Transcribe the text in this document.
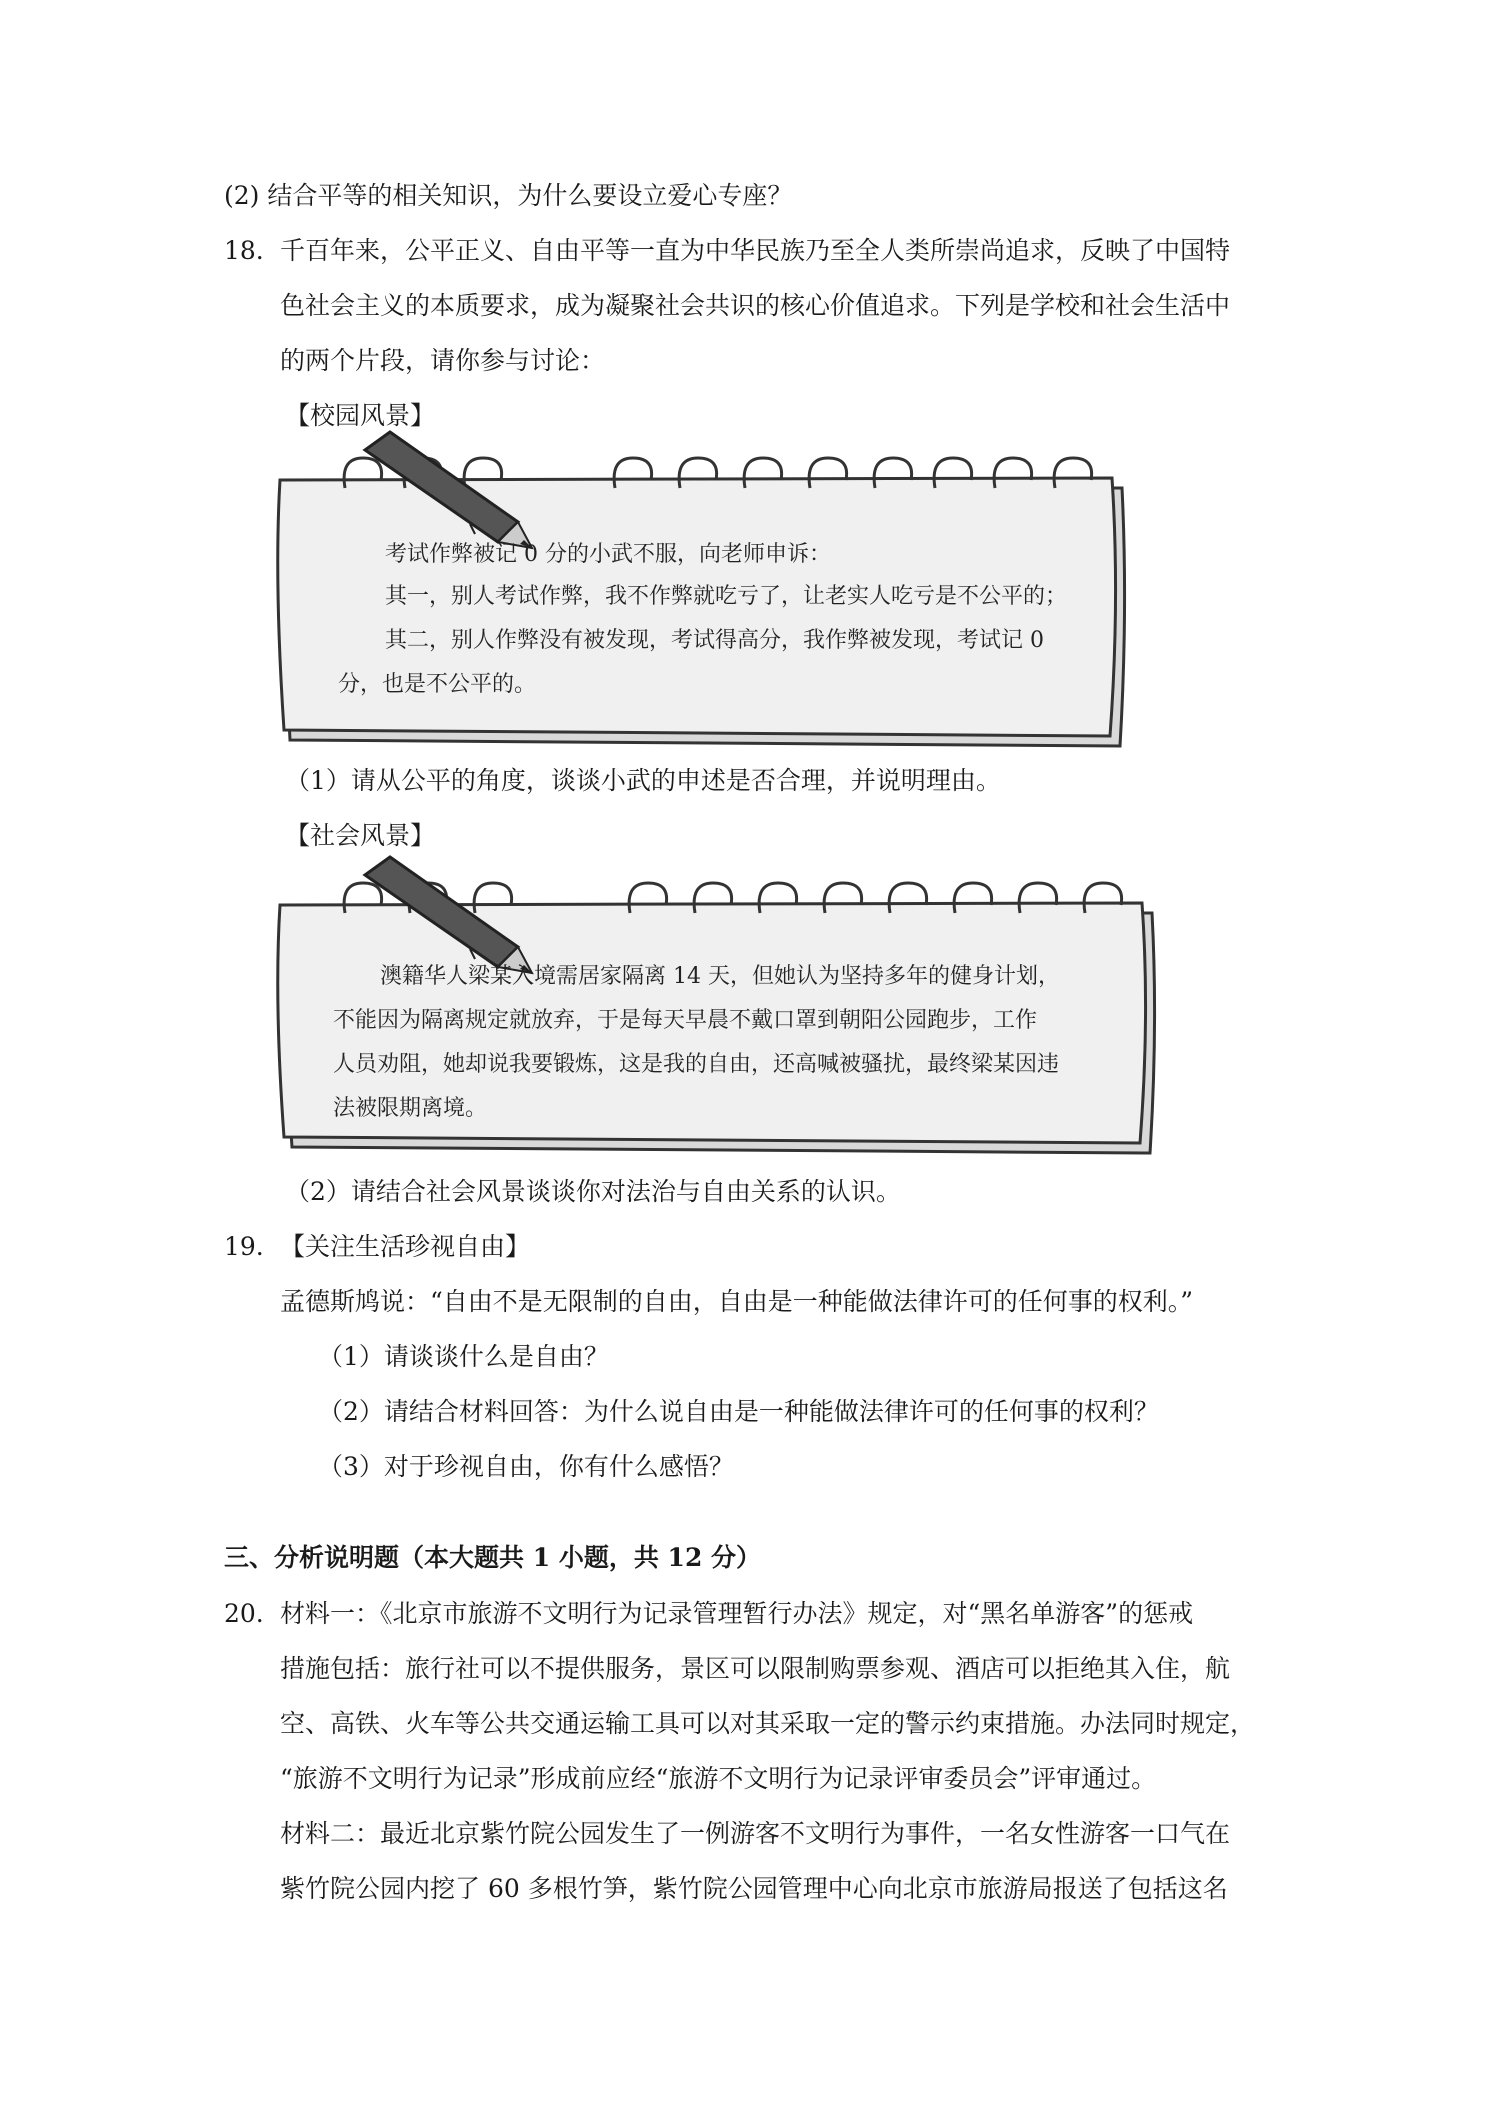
(2) 结合平等的相关知识，为什么要设立爱心专座？
18. 千百年来，公平正义、自由平等一直为中华民族乃至全人类所崇尚追求，反映了中国特
色社会主义的本质要求，成为凝聚社会共识的核心价值追求。下列是学校和社会生活中
的两个片段，请你参与讨论：
【校园风景】
考试作弊被记 0 分的小武不服，向老师申诉：
其一，别人考试作弊，我不作弊就吃亏了，让老实人吃亏是不公平的；
其二，别人作弊没有被发现，考试得高分，我作弊被发现，考试记 0
分，也是不公平的。
（1）请从公平的角度，谈谈小武的申述是否合理，并说明理由。
【社会风景】
澳籍华人梁某入境需居家隔离 14 天，但她认为坚持多年的健身计划，
不能因为隔离规定就放弃，于是每天早晨不戴口罩到朝阳公园跑步，工作
人员劝阻，她却说我要锻炼，这是我的自由，还高喊被骚扰，最终梁某因违
法被限期离境。
（2）请结合社会风景谈谈你对法治与自由关系的认识。
19. 【关注生活珍视自由】
孟德斯鸠说：“自由不是无限制的自由，自由是一种能做法律许可的任何事的权利。”
（1）请谈谈什么是自由？
（2）请结合材料回答：为什么说自由是一种能做法律许可的任何事的权利？
（3）对于珍视自由，你有什么感悟？
三、分析说明题（本大题共 1 小题，共 12 分）
20. 材料一：《北京市旅游不文明行为记录管理暂行办法》规定，对“黑名单游客”的惩戒
措施包括：旅行社可以不提供服务，景区可以限制购票参观、酒店可以拒绝其入住，航
空、高铁、火车等公共交通运输工具可以对其采取一定的警示约束措施。办法同时规定，
“旅游不文明行为记录”形成前应经“旅游不文明行为记录评审委员会”评审通过。
材料二：最近北京紫竹院公园发生了一例游客不文明行为事件，一名女性游客一口气在
紫竹院公园内挖了 60 多根竹笋，紫竹院公园管理中心向北京市旅游局报送了包括这名
